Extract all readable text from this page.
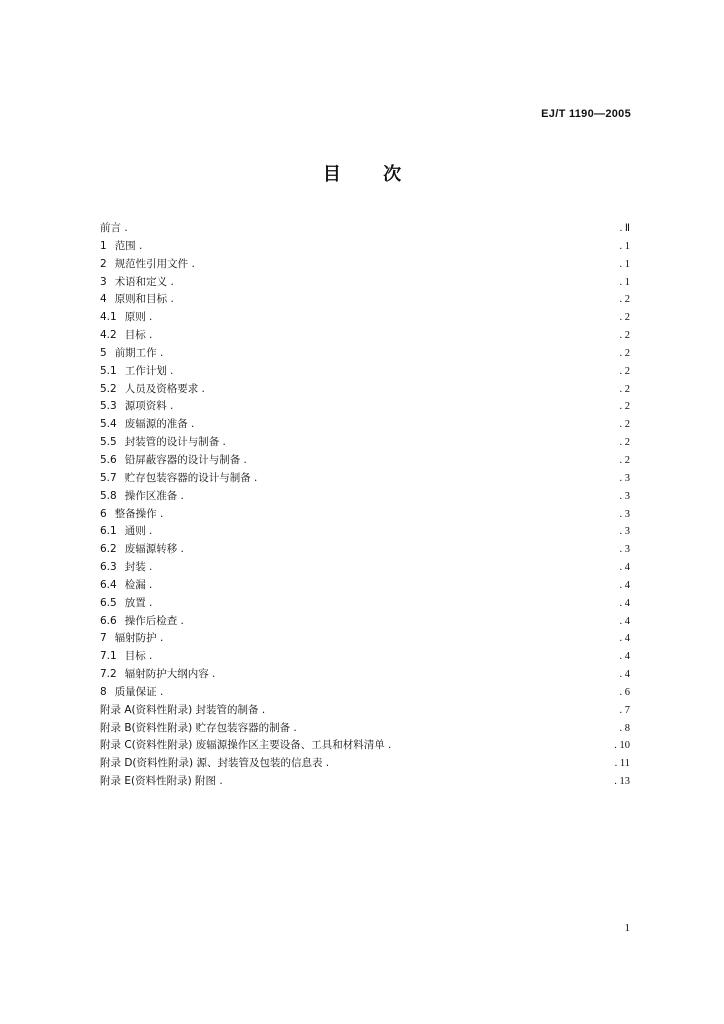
EJ/T 1190—2005
目 次
前言 .	. Ⅱ
1 范围 .	. 1
2 规范性引用文件 .	. 1
3 术语和定义 .	. 1
4 原则和目标 .	. 2
4.1 原则 .	. 2
4.2 目标 .	. 2
5 前期工作 .	. 2
5.1 工作计划 .	. 2
5.2 人员及资格要求 .	. 2
5.3 源项资料 .	. 2
5.4 废辐源的准备 .	. 2
5.5 封装管的设计与制备 .	. 2
5.6 铅屏蔽容器的设计与制备 .	. 2
5.7 贮存包装容器的设计与制备 .	. 3
5.8 操作区准备 .	. 3
6 整备操作 .	. 3
6.1 通则 .	. 3
6.2 废辐源转移 .	. 3
6.3 封装 .	. 4
6.4 检漏 .	. 4
6.5 放置 .	. 4
6.6 操作后检查 .	. 4
7 辐射防护 .	. 4
7.1 目标 .	. 4
7.2 辐射防护大纲内容 .	. 4
8 质量保证 .	. 6
附录 A(资料性附录) 封装管的制备 .	. 7
附录 B(资料性附录) 贮存包装容器的制备 .	. 8
附录 C(资料性附录) 废辐源操作区主要设备、工具和材料清单 .	. 10
附录 D(资料性附录) 源、封装管及包装的信息表 .	. 11
附录 E(资料性附录) 附图 .	. 13
1
